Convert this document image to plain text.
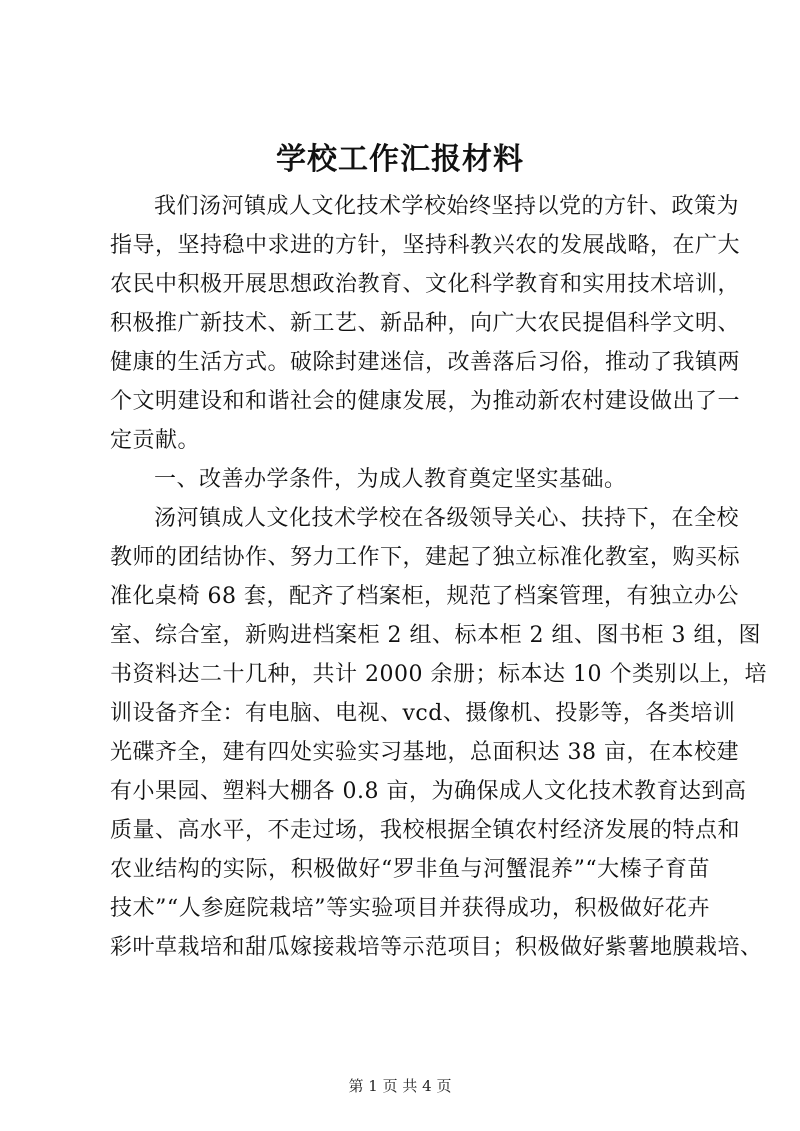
学校工作汇报材料
我们汤河镇成人文化技术学校始终坚持以党的方针、政策为
指导，坚持稳中求进的方针，坚持科教兴农的发展战略，在广大
农民中积极开展思想政治教育、文化科学教育和实用技术培训，
积极推广新技术、新工艺、新品种，向广大农民提倡科学文明、
健康的生活方式。破除封建迷信，改善落后习俗，推动了我镇两
个文明建设和和谐社会的健康发展，为推动新农村建设做出了一
定贡献。
一、改善办学条件，为成人教育奠定坚实基础。
汤河镇成人文化技术学校在各级领导关心、扶持下，在全校
教师的团结协作、努力工作下，建起了独立标准化教室，购买标
准化桌椅 68 套，配齐了档案柜，规范了档案管理，有独立办公
室、综合室，新购进档案柜 2 组、标本柜 2 组、图书柜 3 组，图
书资料达二十几种，共计 2000 余册；标本达 10 个类别以上，培
训设备齐全：有电脑、电视、vcd、摄像机、投影等，各类培训
光碟齐全，建有四处实验实习基地，总面积达 38 亩，在本校建
有小果园、塑料大棚各 0.8 亩，为确保成人文化技术教育达到高
质量、高水平，不走过场，我校根据全镇农村经济发展的特点和
农业结构的实际，积极做好“罗非鱼与河蟹混养”“大榛子育苗
技术”“人参庭院栽培”等实验项目并获得成功，积极做好花卉
彩叶草栽培和甜瓜嫁接栽培等示范项目；积极做好紫薯地膜栽培、
第 1 页 共 4 页
